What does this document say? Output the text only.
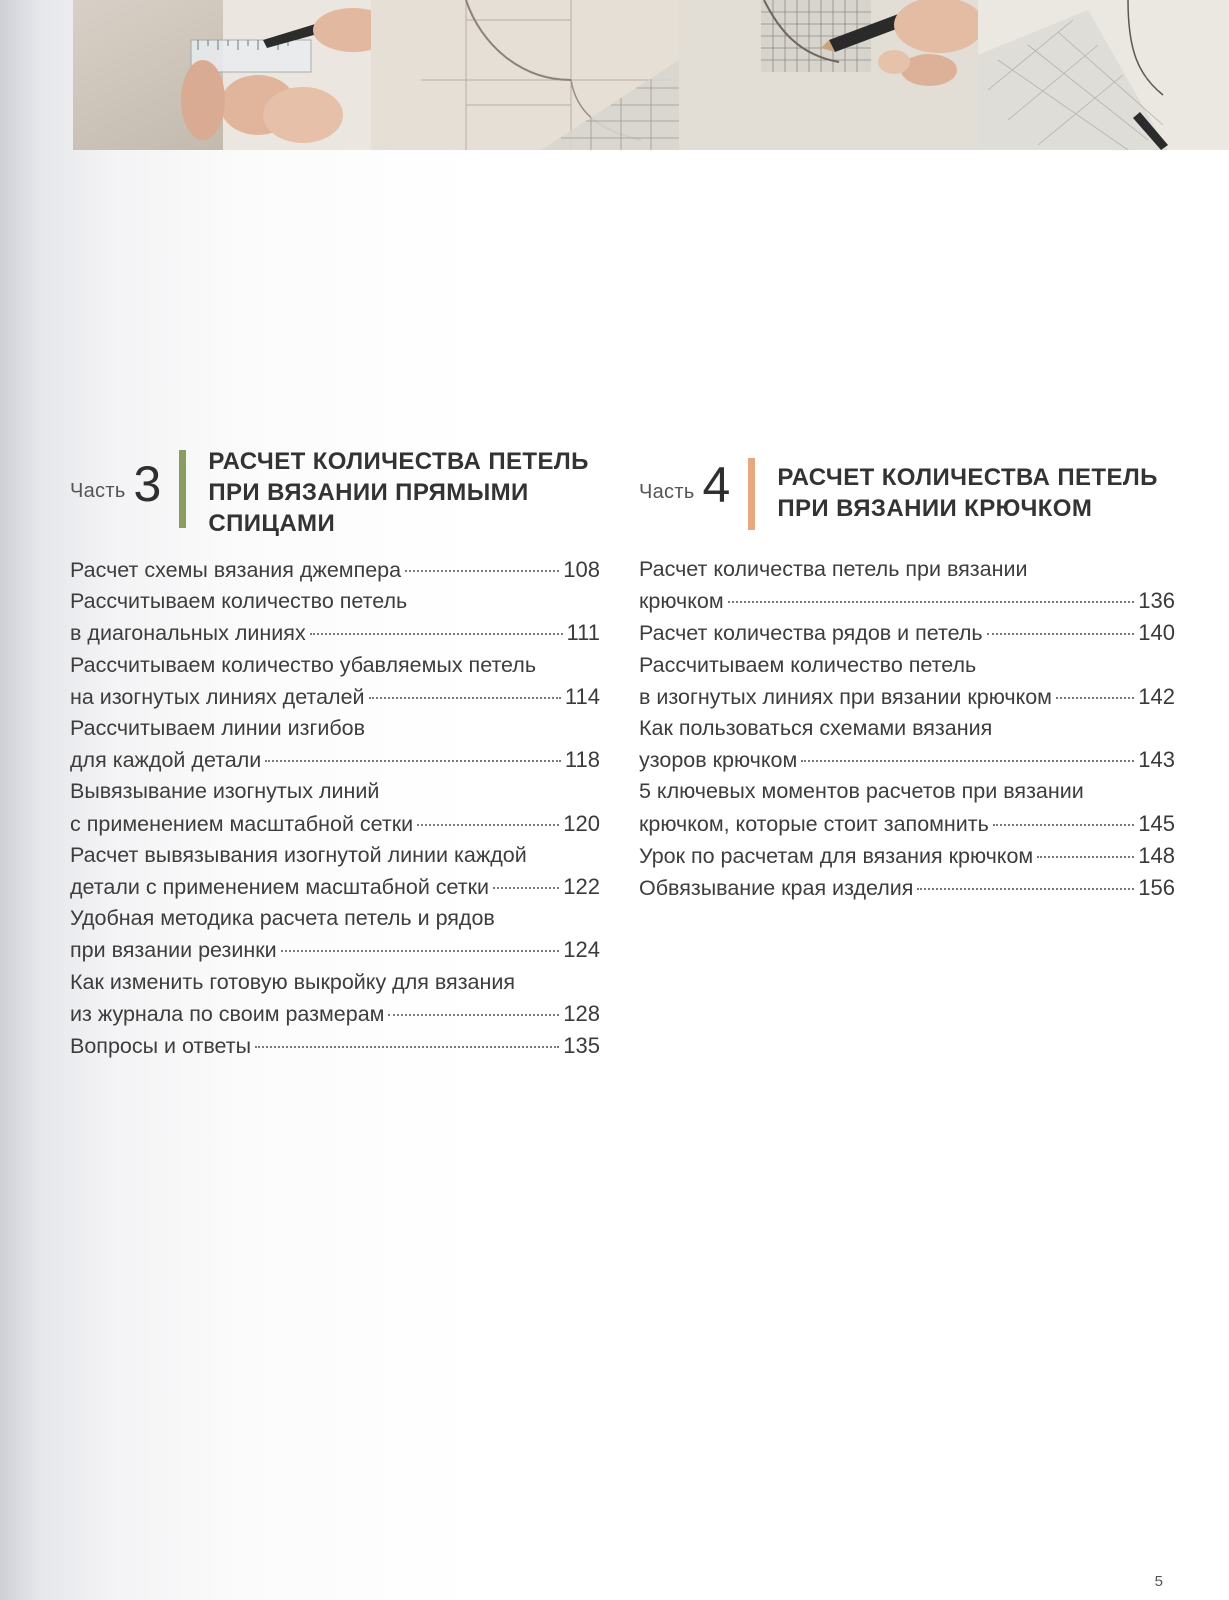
Часть 3 РАСЧЕТ КОЛИЧЕСТВА ПЕТЕЛЬ
ПРИ ВЯЗАНИИ ПРЯМЫМИ
СПИЦАМИ
Расчет схемы вязания джемпера	108
Рассчитываем количество петель
в диагональных линиях	111
Рассчитываем количество убавляемых петель
на изогнутых линиях деталей	114
Рассчитываем линии изгибов
для каждой детали	118
Вывязывание изогнутых линий
с применением масштабной сетки	120
Расчет вывязывания изогнутой линии каждой
детали с применением масштабной сетки	122
Удобная методика расчета петель и рядов
при вязании резинки	124
Как изменить готовую выкройку для вязания
из журнала по своим размерам	128
Вопросы и ответы	135
Часть 4 РАСЧЕТ КОЛИЧЕСТВА ПЕТЕЛЬ
ПРИ ВЯЗАНИИ КРЮЧКОМ
Расчет количества петель при вязании
крючком	136
Расчет количества рядов и петель	140
Рассчитываем количество петель
в изогнутых линиях при вязании крючком	142
Как пользоваться схемами вязания
узоров крючком	143
5 ключевых моментов расчетов при вязании
крючком, которые стоит запомнить	145
Урок по расчетам для вязания крючком	148
Обвязывание края изделия	156
5
